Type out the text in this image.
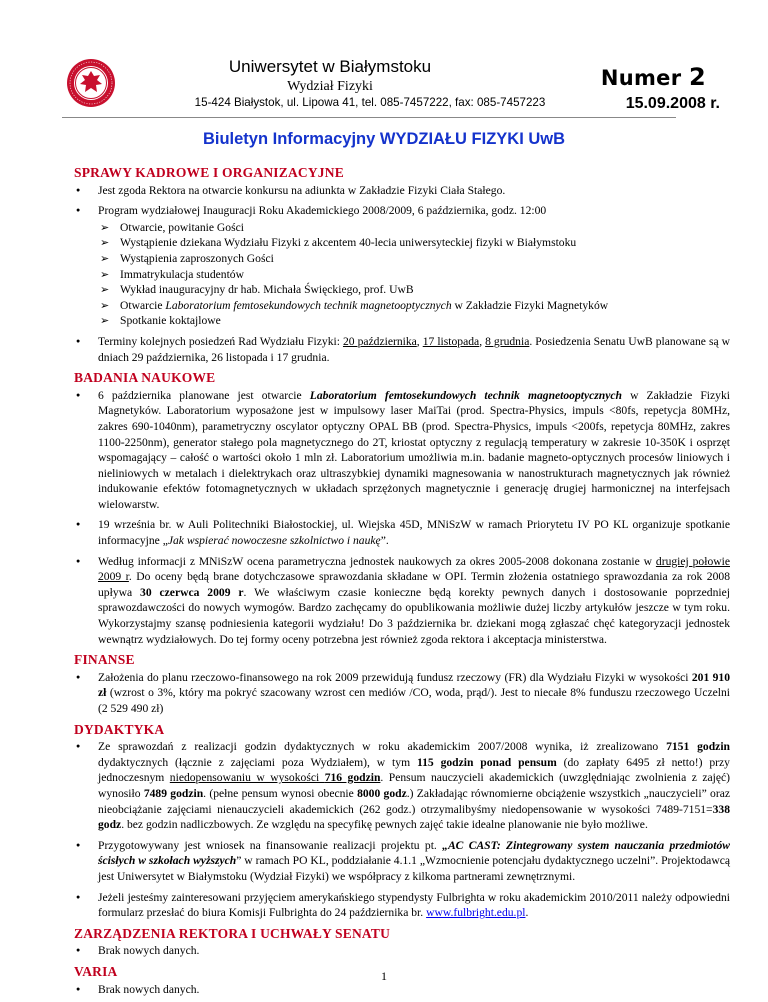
Uniwersytet w Białymstoku
Wydział Fizyki
15-424 Białystok, ul. Lipowa 41, tel. 085-7457222, fax: 085-7457223
Numer 2
15.09.2008 r.
Biuletyn Informacyjny WYDZIAŁU FIZYKI UwB
SPRAWY KADROWE I ORGANIZACYJNE
● Jest zgoda Rektora na otwarcie konkursu na adiunkta w Zakładzie Fizyki Ciała Stałego.
● Program wydziałowej Inauguracji Roku Akademickiego 2008/2009, 6 października, godz. 12:00
➢ Otwarcie, powitanie Gości
➢ Wystąpienie dziekana Wydziału Fizyki z akcentem 40-lecia uniwersyteckiej fizyki w Białymstoku
➢ Wystąpienia zaproszonych Gości
➢ Immatrykulacja studentów
➢ Wykład inauguracyjny dr hab. Michała Święckiego, prof. UwB
➢ Otwarcie Laboratorium femtosekundowych technik magnetooptycznych w Zakładzie Fizyki Magnetyków
➢ Spotkanie koktajlowe
● Terminy kolejnych posiedzeń Rad Wydziału Fizyki: 20 października, 17 listopada, 8 grudnia. Posiedzenia Senatu UwB planowane są w dniach 29 października, 26 listopada i 17 grudnia.
BADANIA NAUKOWE
● 6 października planowane jest otwarcie Laboratorium femtosekundowych technik magnetooptycznych w Zakładzie Fizyki Magnetyków. Laboratorium wyposażone jest w impulsowy laser MaiTai (prod. Spectra-Physics, impuls <80fs, repetycja 80MHz, zakres 690-1040nm), parametryczny oscylator optyczny OPAL BB (prod. Spectra-Physics, impuls <200fs, repetycja 80MHz, zakres 1100-2250nm), generator stałego pola magnetycznego do 2T, kriostat optyczny z regulacją temperatury w zakresie 10-350K i osprzęt wspomagający – całość o wartości około 1 mln zł. Laboratorium umożliwia m.in. badanie magneto-optycznych procesów liniowych i nieliniowych w metalach i dielektrykach oraz ultraszybkiej dynamiki magnesowania w nanostrukturach magnetycznych jak również indukowanie efektów fotomagnetycznych w układach sprzężonych magnetycznie i generację drugiej harmonicznej na interfejsach wielowarstw.
● 19 września br. w Auli Politechniki Białostockiej, ul. Wiejska 45D, MNiSzW w ramach Priorytetu IV PO KL organizuje spotkanie informacyjne „Jak wspierać nowoczesne szkolnictwo i naukę”.
● Według informacji z MNiSzW ocena parametryczna jednostek naukowych za okres 2005-2008 dokonana zostanie w drugiej połowie 2009 r. Do oceny będą brane dotychczasowe sprawozdania składane w OPI. Termin złożenia ostatniego sprawozdania za rok 2008 upływa 30 czerwca 2009 r. We właściwym czasie konieczne będą korekty pewnych danych i dostosowanie poprzedniej sprawozdawczości do nowych wymogów. Bardzo zachęcamy do opublikowania możliwie dużej liczby artykułów jeszcze w tym roku. Wykorzystajmy szansę podniesienia kategorii wydziału! Do 3 października br. dziekani mogą zgłaszać chęć kategoryzacji jednostek wewnątrz wydziałowych. Do tej formy oceny potrzebna jest również zgoda rektora i akceptacja ministerstwa.
FINANSE
● Założenia do planu rzeczowo-finansowego na rok 2009 przewidują fundusz rzeczowy (FR) dla Wydziału Fizyki w wysokości 201 910 zł (wzrost o 3%, który ma pokryć szacowany wzrost cen mediów /CO, woda, prąd/). Jest to niecałe 8% funduszu rzeczowego Uczelni (2 529 490 zł)
DYDAKTYKA
● Ze sprawozdań z realizacji godzin dydaktycznych w roku akademickim 2007/2008 wynika, iż zrealizowano 7151 godzin dydaktycznych (łącznie z zajęciami poza Wydziałem), w tym 115 godzin ponad pensum (do zapłaty 6495 zł netto!) przy jednoczesnym niedopensowaniu w wysokości 716 godzin. Pensum nauczycieli akademickich (uwzględniając zwolnienia z zajęć) wynosiło 7489 godzin. (pełne pensum wynosi obecnie 8000 godz.) Zakładając równomierne obciążenie wszystkich „nauczycieli” oraz nieobciążanie zajęciami nienauczycieli akademickich (262 godz.) otrzymalibyśmy niedopensowanie w wysokości 7489-7151=338 godz. bez godzin nadliczbowych. Ze względu na specyfikę pewnych zajęć takie idealne planowanie nie było możliwe.
● Przygotowywany jest wniosek na finansowanie realizacji projektu pt. „AC CAST: Zintegrowany system nauczania przedmiotów ścisłych w szkołach wyższych” w ramach PO KL, poddziałanie 4.1.1 „Wzmocnienie potencjału dydaktycznego uczelni”. Projektodawcą jest Uniwersytet w Białymstoku (Wydział Fizyki) we współpracy z kilkoma partnerami zewnętrznymi.
● Jeżeli jesteśmy zainteresowani przyjęciem amerykańskiego stypendysty Fulbrighta w roku akademickim 2010/2011 należy odpowiedni formularz przesłać do biura Komisji Fulbrighta do 24 października br. www.fulbright.edu.pl.
ZARZĄDZENIA REKTORA I UCHWAŁY SENATU
● Brak nowych danych.
VARIA
● Brak nowych danych.
1
